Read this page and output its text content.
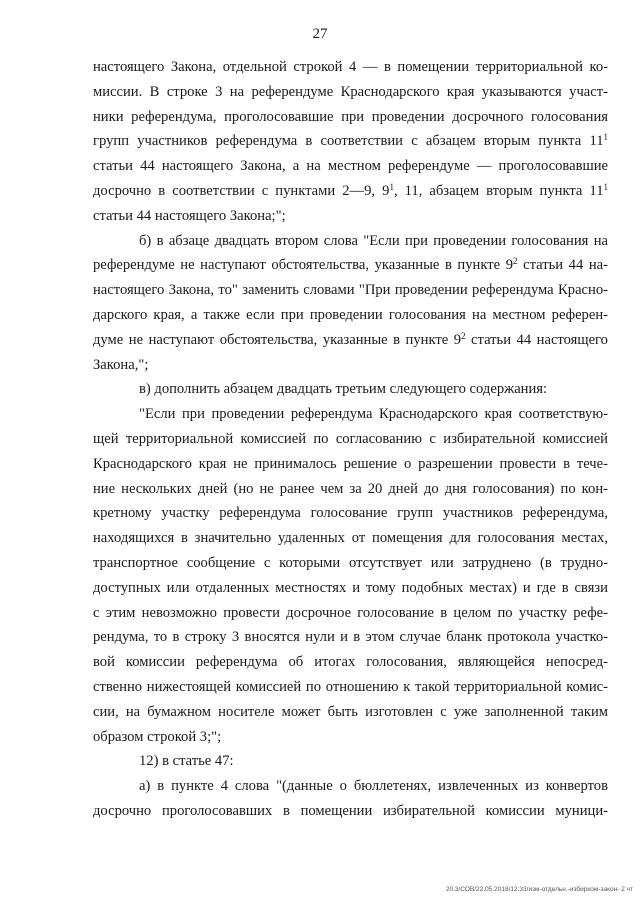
27
настоящего Закона, отдельной строкой 4 — в помещении территориальной ко-
миссии. В строке 3 на референдуме Краснодарского края указываются участ-
ники референдума, проголосовавшие при проведении досрочного голосования
групп участников референдума в соответствии с абзацем вторым пункта $11^1$
статьи 44 настоящего Закона, а на местном референдуме — проголосовавшие
досрочно в соответствии с пунктами 2—9, $9^1$, 11, абзацем вторым пункта $11^1$
статьи 44 настоящего Закона;";
б) в абзаце двадцать втором слова "Если при проведении голосования на
референдуме не наступают обстоятельства, указанные в пункте $9^2$ статьи 44 на-
настоящего Закона, то" заменить словами "При проведении референдума Красно-
дарского края, а также если при проведении голосования на местном референ-
думе не наступают обстоятельства, указанные в пункте $9^2$ статьи 44 настоящего
Закона,";
в) дополнить абзацем двадцать третьим следующего содержания:
"Если при проведении референдума Краснодарского края соответствую-
щей территориальной комиссией по согласованию с избирательной комиссией
Краснодарского края не принималось решение о разрешении провести в тече-
ние нескольких дней (но не ранее чем за 20 дней до дня голосования) по кон-
кретному участку референдума голосование групп участников референдума,
находящихся в значительно удаленных от помещения для голосования местах,
транспортное сообщение с которыми отсутствует или затруднено (в трудно-
доступных или отдаленных местностях и тому подобных местах) и где в связи
с этим невозможно провести досрочное голосование в целом по участку рефе-
рендума, то в строку 3 вносятся нули и в этом случае бланк протокола участко-
вой комиссии референдума об итогах голосования, являющейся непосред-
ственно нижестоящей комиссией по отношению к такой территориальной комис-
сии, на бумажном носителе может быть изготовлен с уже заполненной таким
образом строкой 3;";
12) в статье 47:
а) в пункте 4 слова "(данные о бюллетенях, извлеченных из конвертов
досрочно проголосовавших в помещении избирательной комиссии муници-
20.3/СОВ/22.05.2018/12:33/изм-отдельн.-избирком-закон- 2 чт
